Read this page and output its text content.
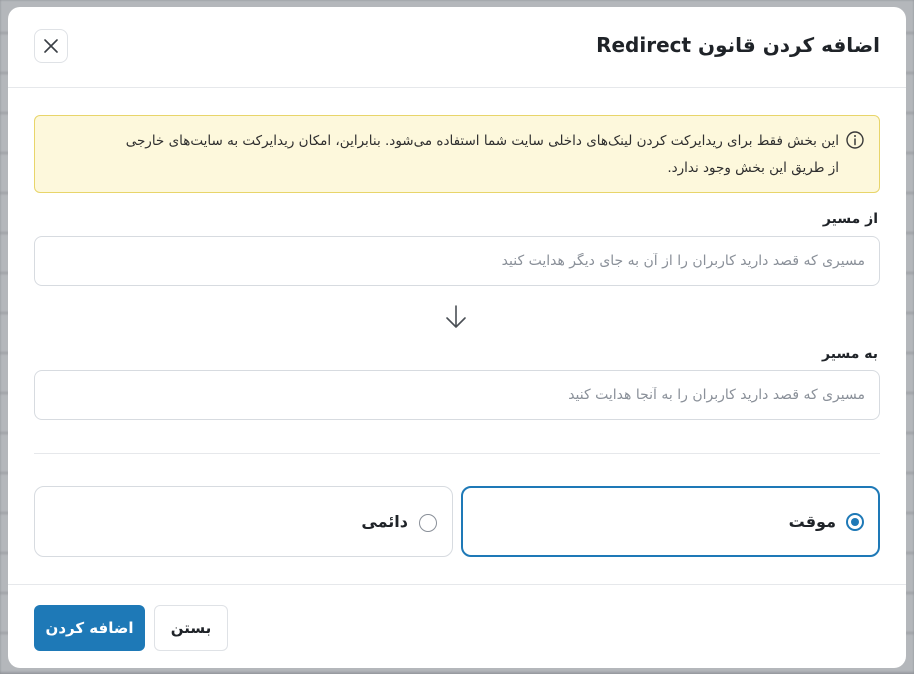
اضافه کردن قانون Redirect
این بخش فقط برای ریدایرکت کردن لینک‌های داخلی سایت شما استفاده می‌شود. بنابراین، امکان ریدایرکت به سایت‌های خارجی
از طریق این بخش وجود ندارد.
از مسیر
مسیری که قصد دارید کاربران را از آن به جای دیگر هدایت کنید
به مسیر
مسیری که قصد دارید کاربران را به آنجا هدایت کنید
موقت
دائمی
اضافه کردن	بستن
